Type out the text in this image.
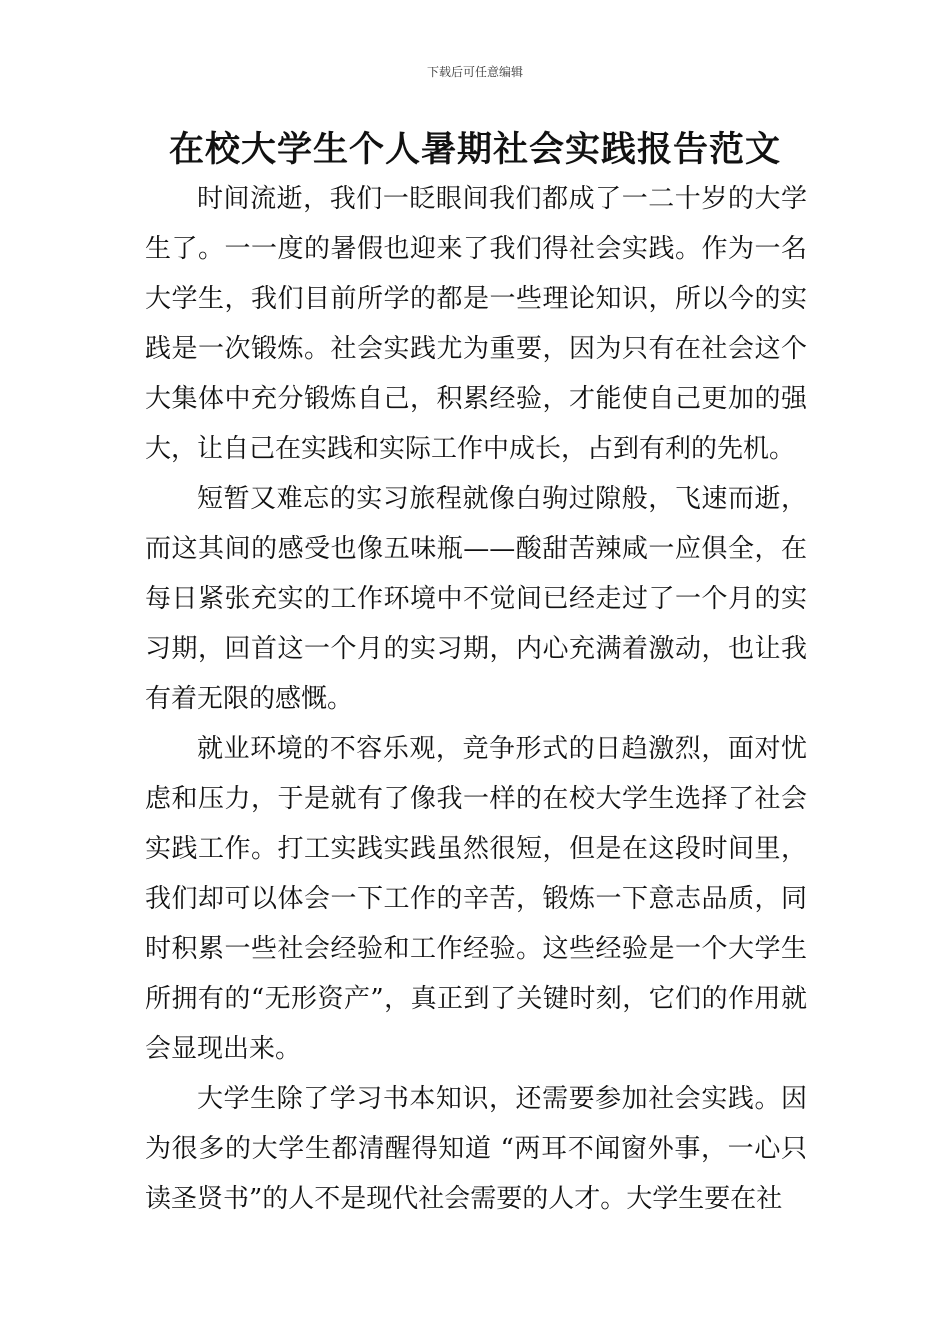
下载后可任意编辑
在校大学生个人暑期社会实践报告范文

时间流逝，我们一眨眼间我们都成了一二十岁的大学生了。一一度的暑假也迎来了我们得社会实践。作为一名大学生，我们目前所学的都是一些理论知识，所以今的实践是一次锻炼。社会实践尤为重要，因为只有在社会这个大集体中充分锻炼自己，积累经验，才能使自己更加的强大，让自己在实践和实际工作中成长，占到有利的先机。

短暂又难忘的实习旅程就像白驹过隙般，飞速而逝，而这其间的感受也像五味瓶——酸甜苦辣咸一应俱全，在每日紧张充实的工作环境中不觉间已经走过了一个月的实习期，回首这一个月的实习期，内心充满着激动，也让我有着无限的感慨。

就业环境的不容乐观，竞争形式的日趋激烈，面对忧虑和压力，于是就有了像我一样的在校大学生选择了社会实践工作。打工实践实践虽然很短，但是在这段时间里，我们却可以体会一下工作的辛苦，锻炼一下意志品质，同时积累一些社会经验和工作经验。这些经验是一个大学生所拥有的“无形资产”，真正到了关键时刻，它们的作用就会显现出来。

大学生除了学习书本知识，还需要参加社会实践。因为很多的大学生都清醒得知道 “两耳不闻窗外事，一心只读圣贤书”的人不是现代社会需要的人才。大学生要在社
